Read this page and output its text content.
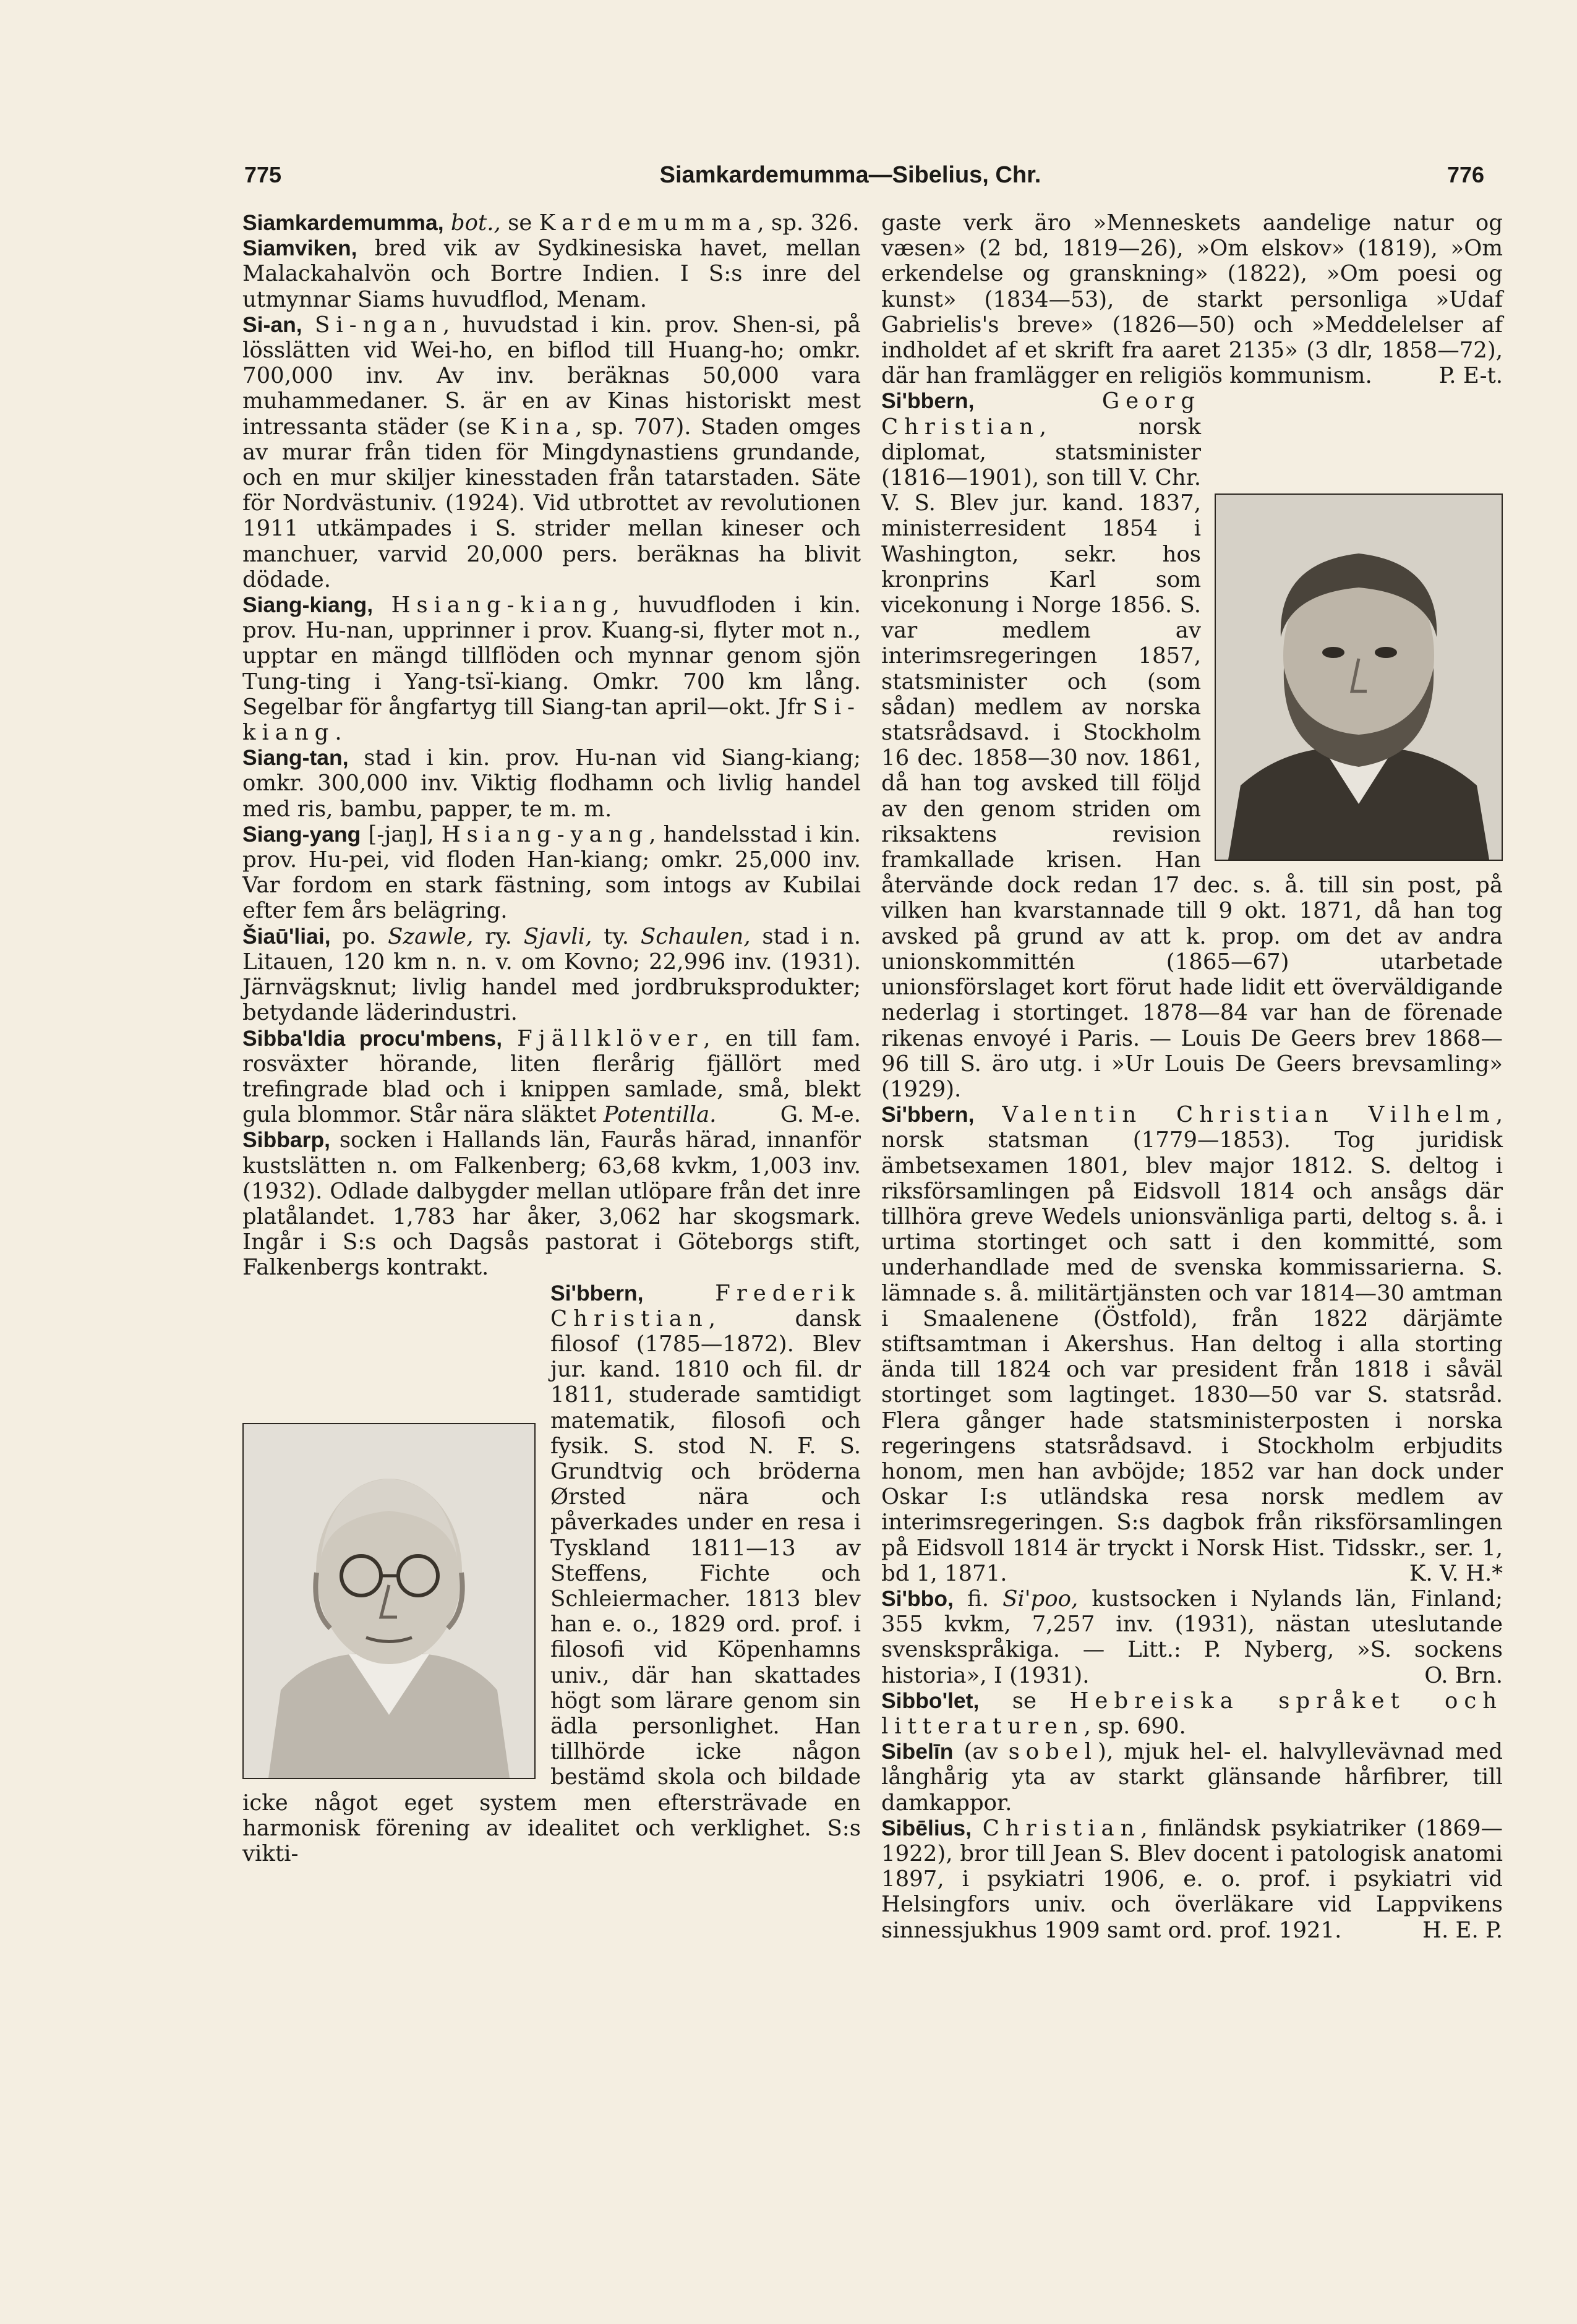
775	Siamkardemumma—Sibelius, Chr.	776

Siamkardemumma, bot., se Kardemumma, sp. 326.

Siamviken, bred vik av Sydkinesiska havet, mellan Malackahalvön och Bortre Indien. I S:s inre del utmynnar Siams huvudflod, Menam.

Si-an, Si-ngan, huvudstad i kin. prov. Shen-si, på lösslätten vid Wei-ho, en biflod till Huang-ho; omkr. 700,000 inv. Av inv. beräknas 50,000 vara muhammedaner. S. är en av Kinas historiskt mest intressanta städer (se Kina, sp. 707). Staden omges av murar från tiden för Mingdynastiens grundande, och en mur skiljer kinesstaden från tatarstaden. Säte för Nordvästuniv. (1924). Vid utbrottet av revolutionen 1911 utkämpades i S. strider mellan kineser och manchuer, varvid 20,000 pers. beräknas ha blivit dödade.

Siang-kiang, Hsiang-kiang, huvudfloden i kin. prov. Hu-nan, upprinner i prov. Kuang-si, flyter mot n., upptar en mängd tillflöden och mynnar genom sjön Tung-ting i Yang-tsï-kiang. Omkr. 700 km lång. Segelbar för ångfartyg till Siang-tan april—okt. Jfr Si-kiang.

Siang-tan, stad i kin. prov. Hu-nan vid Siang-kiang; omkr. 300,000 inv. Viktig flodhamn och livlig handel med ris, bambu, papper, te m. m.

Siang-yang [-jaŋ], Hsiang-yang, handelsstad i kin. prov. Hu-pei, vid floden Han-kiang; omkr. 25,000 inv. Var fordom en stark fästning, som intogs av Kubilai efter fem års belägring.

Šiaū'liai, po. Szawle, ry. Sjavli, ty. Schaulen, stad i n. Litauen, 120 km n. n. v. om Kovno; 22,996 inv. (1931). Järnvägsknut; livlig handel med jordbruksprodukter; betydande läderindustri.

Sibba'ldia procu'mbens, Fjällklöver, en till fam. rosväxter hörande, liten flerårig fjällört med trefingrade blad och i knippen samlade, små, blekt gula blommor. Står nära släktet Potentilla.	G. M-e.

Sibbarp, socken i Hallands län, Faurås härad, innanför kustslätten n. om Falkenberg; 63,68 kvkm, 1,003 inv. (1932). Odlade dalbygder mellan utlöpare från det inre platålandet. 1,783 har åker, 3,062 har skogsmark. Ingår i S:s och Dagsås pastorat i Göteborgs stift, Falkenbergs kontrakt.

Si'bbern,	Frederik Christian, dansk filosof (1785—1872). Blev jur. kand. 1810 och fil. dr 1811, studerade samtidigt matematik, filosofi och fysik. S. stod N. F. S. Grundtvig och bröderna Ørsted nära och påverkades under en resa i Tyskland 1811—13 av Steffens, Fichte och Schleiermacher. 1813 blev han e. o., 1829 ord. prof. i filosofi vid Köpenhamns univ., där han skattades högt som lärare genom sin ädla personlighet. Han tillhörde icke någon bestämd skola och bildade icke något eget system men eftersträvade en harmonisk förening av idealitet och verklighet. S:s vikti-

gaste verk äro »Menneskets aandelige natur og væsen» (2 bd, 1819—26), »Om elskov» (1819), »Om erkendelse og granskning» (1822), »Om poesi og kunst» (1834—53), de starkt personliga »Udaf Gabrielis's breve» (1826—50) och »Meddelelser af indholdet af et skrift fra aaret 2135» (3 dlr, 1858—72), där han framlägger en religiös kommunism.	P. E-t.

Si'bbern,	Georg Christian, norsk diplomat, statsminister (1816—1901), son till V. Chr. V. S. Blev jur. kand. 1837, ministerresident 1854 i Washington, sekr. hos kronprins Karl som vicekonung i Norge 1856. S. var medlem av interimsregeringen 1857, statsminister och (som sådan) medlem av norska statsrådsavd. i Stockholm 16 dec. 1858—30 nov. 1861, då han tog avsked till följd av den genom striden om riksaktens revision framkallade krisen. Han återvände dock redan 17 dec. s. å. till sin post, på vilken han kvarstannade till 9 okt. 1871, då han tog avsked på grund av att k. prop. om det av andra unionskommittén (1865—67) utarbetade unionsförslaget kort förut hade lidit ett överväldigande nederlag i stortinget. 1878—84 var han de förenade rikenas envoyé i Paris. — Louis De Geers brev 1868—96 till S. äro utg. i »Ur Louis De Geers brevsamling» (1929).

Si'bbern, Valentin Christian Vilhelm, norsk statsman (1779—1853). Tog juridisk ämbetsexamen 1801, blev major 1812. S. deltog i riksförsamlingen på Eidsvoll 1814 och ansågs där tillhöra greve Wedels unionsvänliga parti, deltog s. å. i urtima stortinget och satt i den kommitté, som underhandlade med de svenska kommissarierna. S. lämnade s. å. militärtjänsten och var 1814—30 amtman i Smaalenene (Östfold), från 1822 därjämte stiftsamtman i Akershus. Han deltog i alla storting ända till 1824 och var president från 1818 i såväl stortinget som lagtinget. 1830—50 var S. statsråd. Flera gånger hade statsministerposten i norska regeringens statsrådsavd. i Stockholm erbjudits honom, men han avböjde; 1852 var han dock under Oskar I:s utländska resa norsk medlem av interimsregeringen. S:s dagbok från riksförsamlingen på Eidsvoll 1814 är tryckt i Norsk Hist. Tidsskr., ser. 1, bd 1, 1871.	K. V. H.*

Si'bbo, fi. Si'poo, kustsocken i Nylands län, Finland; 355 kvkm, 7,257 inv. (1931), nästan uteslutande svenskspråkiga. — Litt.: P. Nyberg, »S. sockens historia», I (1931).	O. Brn.

Sibbo'let, se Hebreiska språket och litteraturen, sp. 690.

Sibelīn (av sobel), mjuk hel- el. halvyllevävnad med långhårig yta av starkt glänsande hårfibrer, till damkappor.

Sibēlius, Christian, finländsk psykiatriker (1869—1922), bror till Jean S. Blev docent i patologisk anatomi 1897, i psykiatri 1906, e. o. prof. i psykiatri vid Helsingfors univ. och överläkare vid Lappvikens sinnessjukhus 1909 samt ord. prof. 1921.	H. E. P.
